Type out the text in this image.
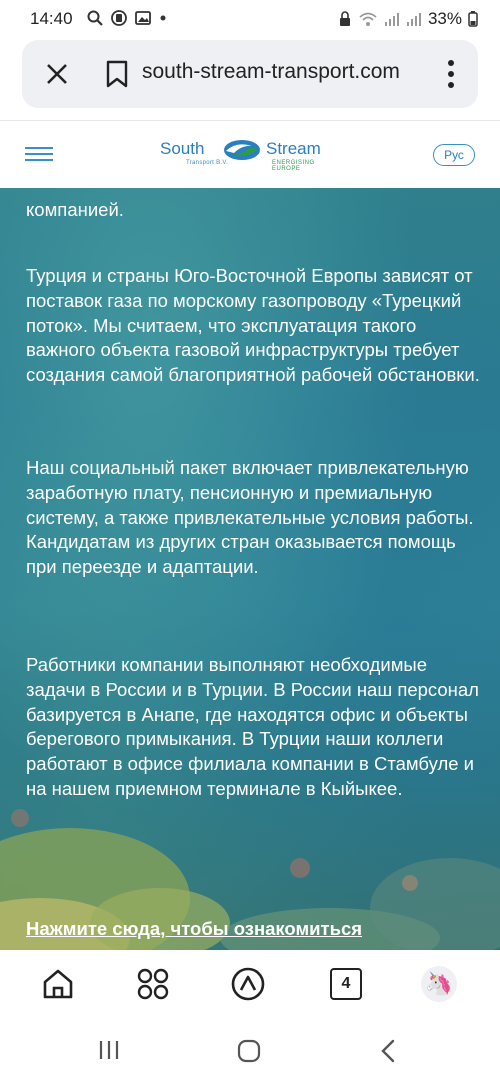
14:40	33%
south-stream-transport.com
South	Stream
Transport B.V.	ENERGISING EUROPE
Рус

компанией.

Турция и страны Юго-Восточной Европы зависят от поставок газа по морскому газопроводу «Турецкий поток». Мы считаем, что эксплуатация такого важного объекта газовой инфраструктуры требует создания самой благоприятной рабочей обстановки.

Наш социальный пакет включает привлекательную заработную плату, пенсионную и премиальную систему, а также привлекательные условия работы. Кандидатам из других стран оказывается помощь при переезде и адаптации.

Работники компании выполняют необходимые задачи в России и в Турции. В России наш персонал базируется в Анапе, где находятся офис и объекты берегового примыкания. В Турции наши коллеги работают в офисе филиала компании в Стамбуле и на нашем приемном терминале в Кыйыкее.

Нажмите сюда, чтобы ознакомиться
4	🦄
